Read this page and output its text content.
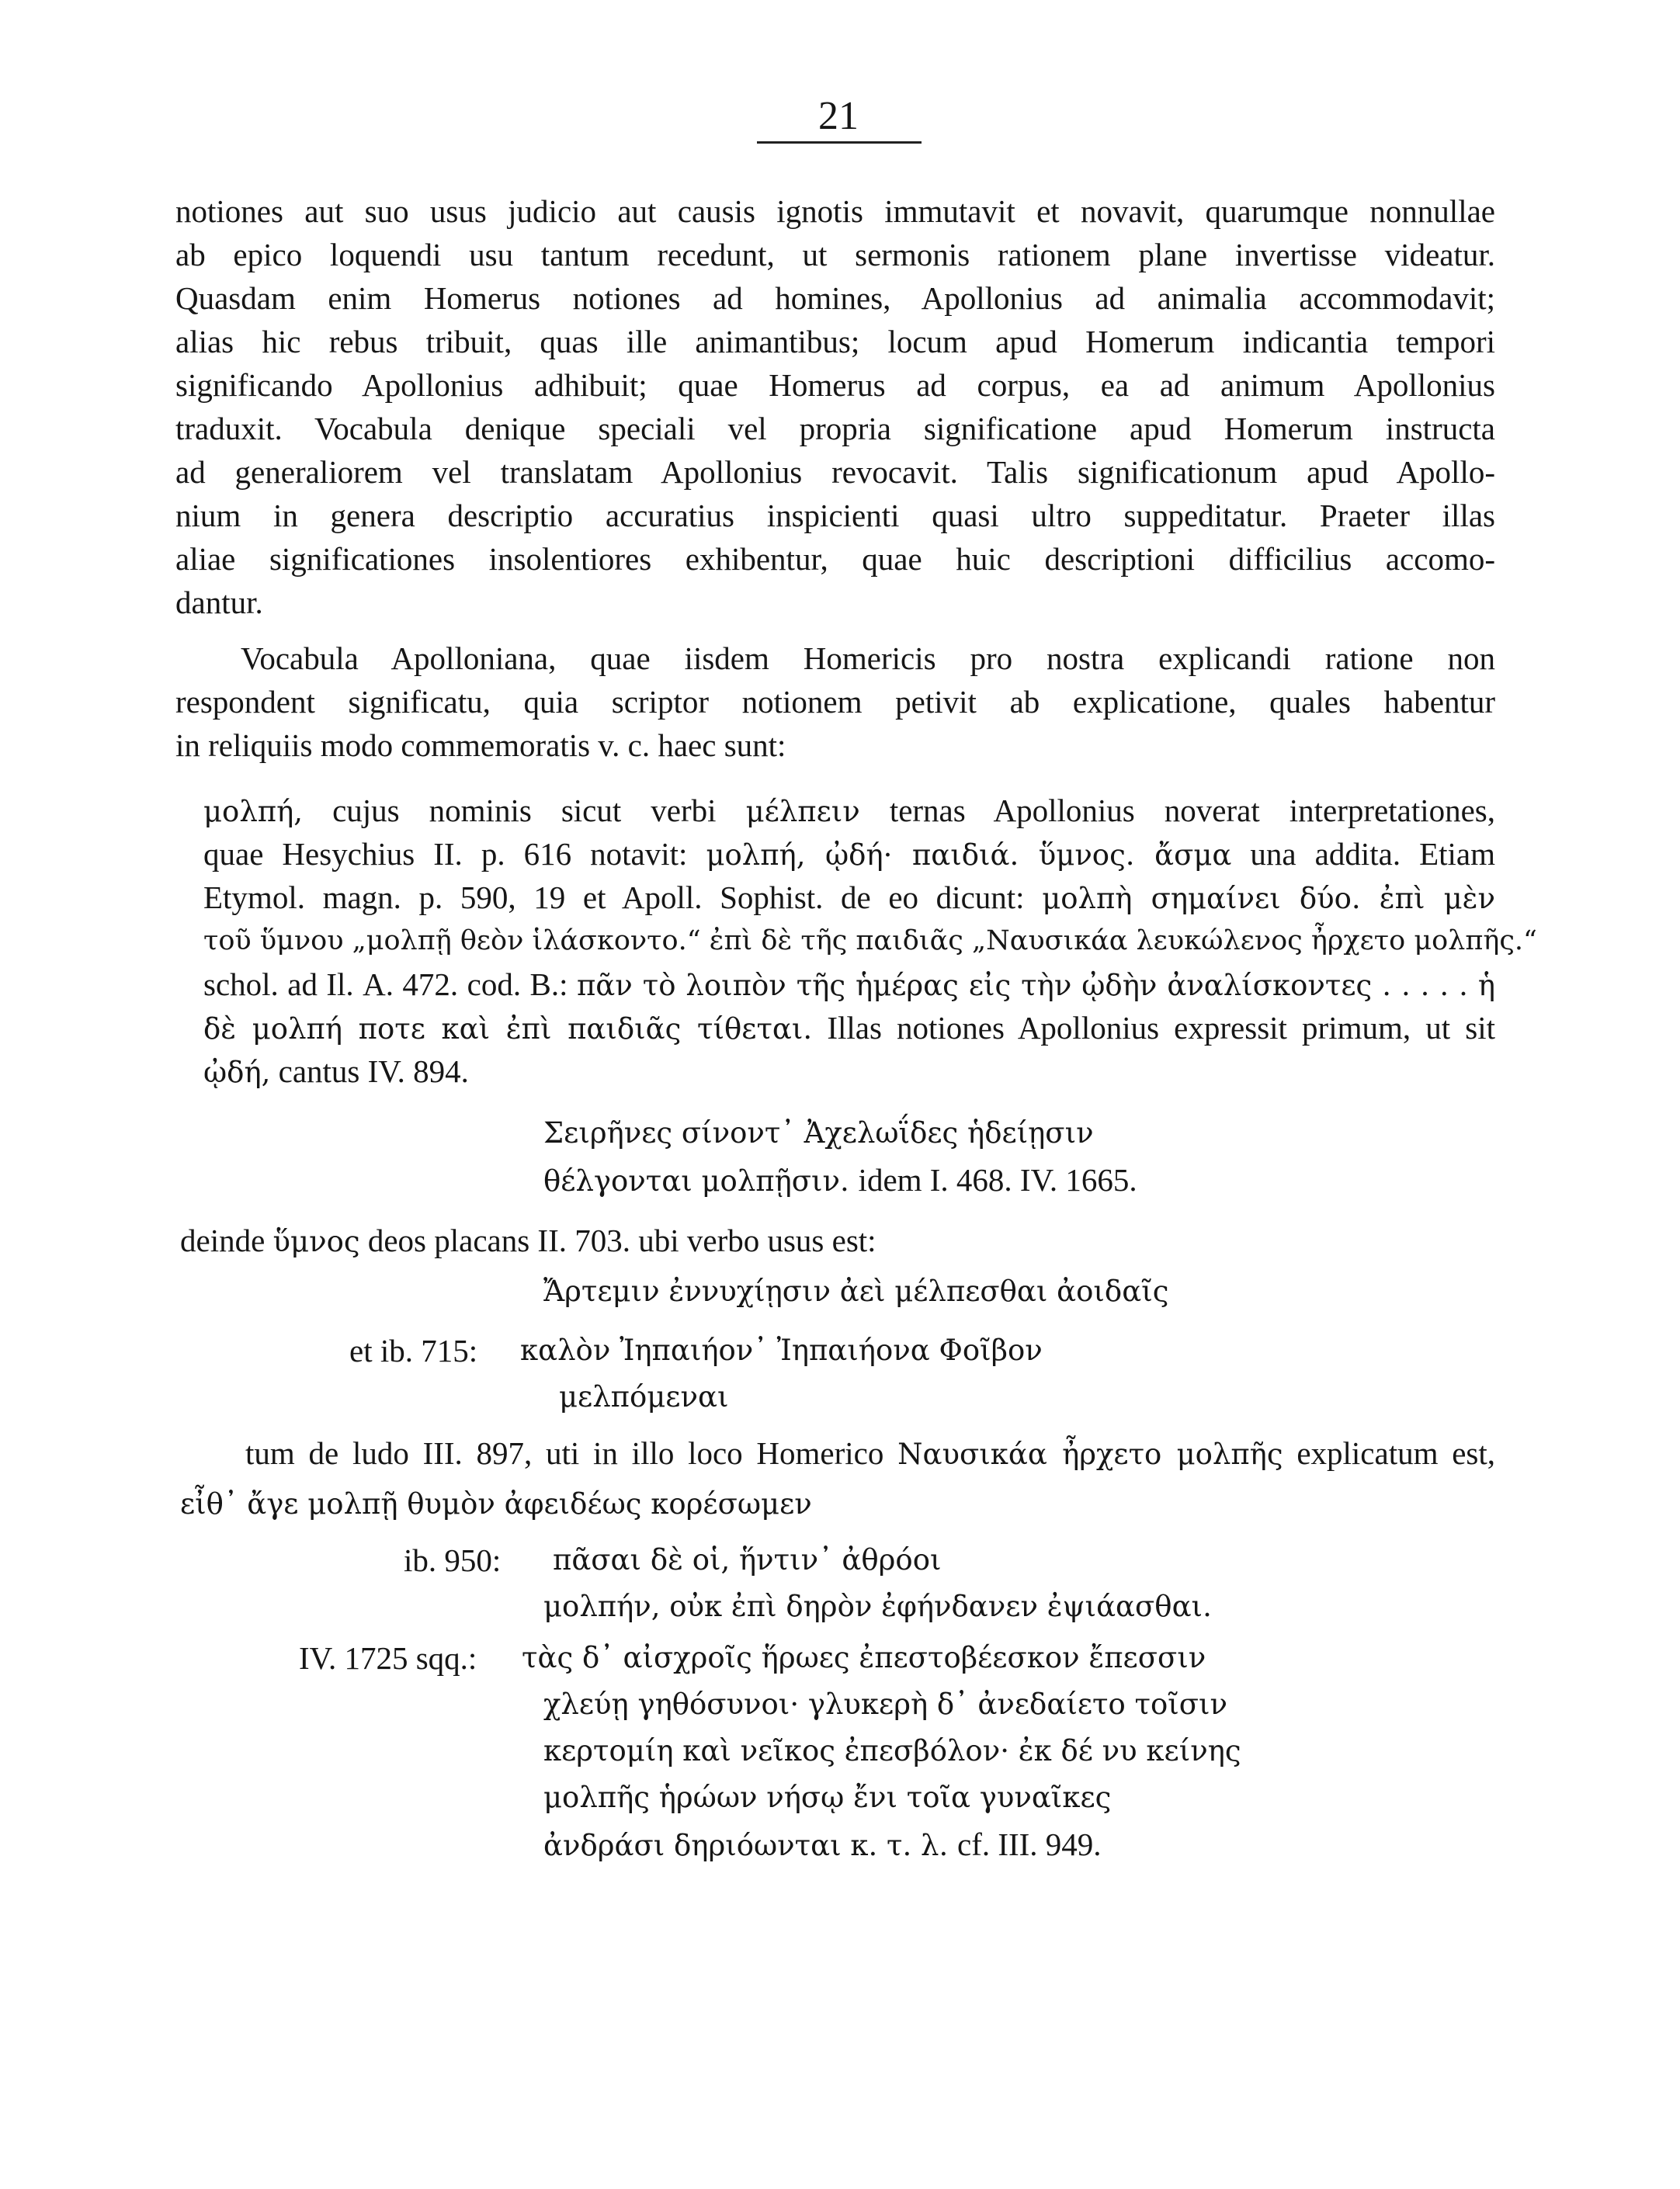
21
notiones aut suo usus judicio aut causis ignotis immutavit et novavit, quarumque nonnullae
ab epico loquendi usu tantum recedunt, ut sermonis rationem plane invertisse videatur.
Quasdam enim Homerus notiones ad homines, Apollonius ad animalia accommodavit;
alias hic rebus tribuit, quas ille animantibus; locum apud Homerum indicantia tempori
significando Apollonius adhibuit; quae Homerus ad corpus, ea ad animum Apollonius
traduxit. Vocabula denique speciali vel propria significatione apud Homerum instructa
ad generaliorem vel translatam Apollonius revocavit. Talis significationum apud Apollo-
nium in genera descriptio accuratius inspicienti quasi ultro suppeditatur. Praeter illas
aliae significationes insolentiores exhibentur, quae huic descriptioni difficilius accomo-
dantur.
Vocabula Apolloniana, quae iisdem Homericis pro nostra explicandi ratione non
respondent significatu, quia scriptor notionem petivit ab explicatione, quales habentur
in reliquiis modo commemoratis v. c. haec sunt:
μολπή, cujus nominis sicut verbi μέλπειν ternas Apollonius noverat interpretationes,
quae Hesychius II. p. 616 notavit: μολπή, ᾠδή· παιδιά. ὕμνος. ἄσμα una addita. Etiam
Etymol. magn. p. 590, 19 et Apoll. Sophist. de eo dicunt: μολπὴ σημαίνει δύο. ἐπὶ μὲν
τοῦ ὕμνου „μολπῇ θεὸν ἱλάσκοντο.“ ἐπὶ δὲ τῆς παιδιᾶς „Ναυσικάα λευκώλενος ἦρχετο μολπῆς.“
schol. ad Il. Α. 472. cod. B.: πᾶν τὸ λοιπὸν τῆς ἡμέρας εἰς τὴν ᾠδὴν ἀναλίσκοντες . . . . . ἡ
δὲ μολπή ποτε καὶ ἐπὶ παιδιᾶς τίθεται. Illas notiones Apollonius expressit primum, ut sit
ᾠδή, cantus IV. 894.
Σειρῆνες σίνοντ᾿ Ἀχελωΐδες ἡδείῃσιν
θέλγονται μολπῇσιν. idem I. 468. IV. 1665.
deinde ὕμνος deos placans II. 703. ubi verbo usus est:
Ἄρτεμιν ἐννυχίῃσιν ἀεὶ μέλπεσθαι ἀοιδαῖς
et ib. 715: καλὸν Ἰηπαιήον᾿ Ἰηπαιήονα Φοῖβον
μελπόμεναι
tum de ludo III. 897, uti in illo loco Homerico Ναυσικάα ἦρχετο μολπῆς explicatum est,
εἶθ᾿ ἄγε μολπῇ θυμὸν ἀφειδέως κορέσωμεν
ib. 950: πᾶσαι δὲ οἱ, ἥντιν᾿ ἀθρόοι
μολπήν, οὐκ ἐπὶ δηρὸν ἐφήνδανεν ἐψιάασθαι.
IV. 1725 sqq.: τὰς δ᾿ αἰσχροῖς ἥρωες ἐπεστοβέεσκον ἔπεσσιν
χλεύῃ γηθόσυνοι· γλυκερὴ δ᾿ ἀνεδαίετο τοῖσιν
κερτομίη καὶ νεῖκος ἐπεσβόλον· ἐκ δέ νυ κείνης
μολπῆς ἡρώων νήσῳ ἔνι τοῖα γυναῖκες
ἀνδράσι δηριόωνται κ. τ. λ. cf. III. 949.
